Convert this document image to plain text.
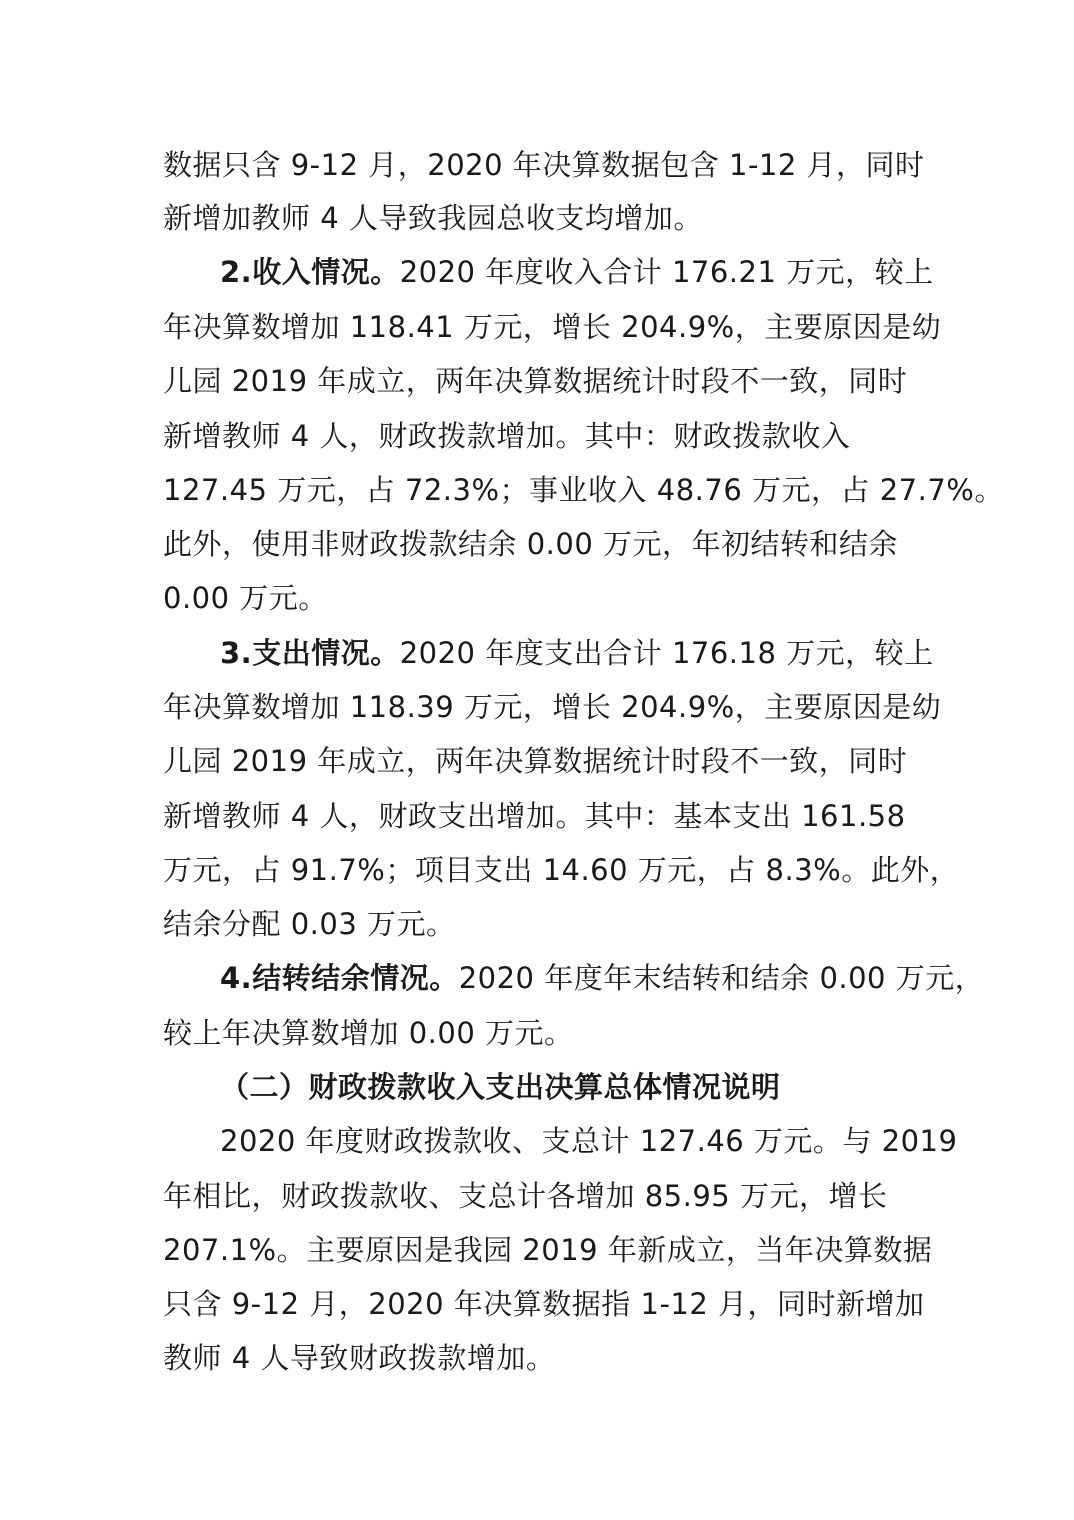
数据只含 9-12 月，2020 年决算数据包含 1-12 月，同时
新增加教师 4 人导致我园总收支均增加。
2.收入情况。2020 年度收入合计 176.21 万元，较上
年决算数增加 118.41 万元，增长 204.9%，主要原因是幼
儿园 2019 年成立，两年决算数据统计时段不一致，同时
新增教师 4 人，财政拨款增加。其中：财政拨款收入
127.45 万元，占 72.3%；事业收入 48.76 万元，占 27.7%。
此外，使用非财政拨款结余 0.00 万元，年初结转和结余
0.00 万元。
3.支出情况。2020 年度支出合计 176.18 万元，较上
年决算数增加 118.39 万元，增长 204.9%，主要原因是幼
儿园 2019 年成立，两年决算数据统计时段不一致，同时
新增教师 4 人，财政支出增加。其中：基本支出 161.58
万元，占 91.7%；项目支出 14.60 万元，占 8.3%。此外，
结余分配 0.03 万元。
4.结转结余情况。2020 年度年末结转和结余 0.00 万元，
较上年决算数增加 0.00 万元。
（二）财政拨款收入支出决算总体情况说明
2020 年度财政拨款收、支总计 127.46 万元。与 2019
年相比，财政拨款收、支总计各增加 85.95 万元，增长
207.1%。主要原因是我园 2019 年新成立，当年决算数据
只含 9-12 月，2020 年决算数据指 1-12 月，同时新增加
教师 4 人导致财政拨款增加。
